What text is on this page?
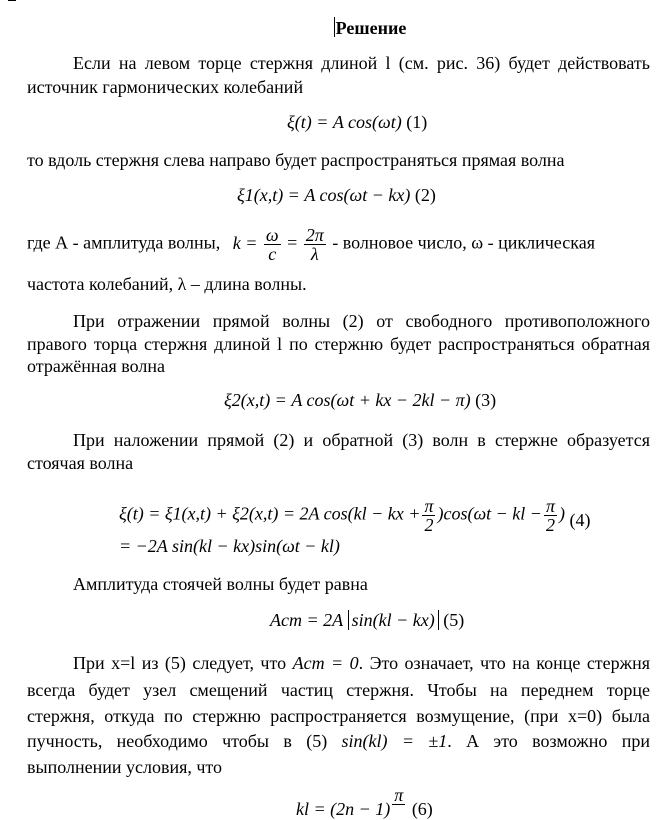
Решение
Если на левом торце стержня длиной l (см. рис. 36) будет действовать
источник гармонических колебаний
ξ(t) = A cos(ωt) (1)
то вдоль стержня слева направо будет распространяться прямая волна
ξ1(x,t) = A cos(ωt − kx) (2)
где А - амплитуда волны, $k = \frac{\omega}{c} = \frac{2\pi}{\lambda}$ - волновое число, ω - циклическая
частота колебаний, λ – длина волны.
При отражении прямой волны (2) от свободного противоположного
правого торца стержня длиной l по стержню будет распространяться обратная
отражённая волна
ξ2(x,t) = A cos(ωt + kx − 2kl − π) (3)
При наложении прямой (2) и обратной (3) волн в стержне образуется
стоячая волна
ξ(t) = ξ1(x,t) + ξ2(x,t) = 2A cos(kl − kx + $\frac{\pi}{2} )\cos(\omega t$ − kl − $\frac{\pi}{2}$ ) (4)
= −2A sin(kl − kx)sin(ωt − kl)
Амплитуда стоячей волны будет равна
Aст = 2A sin(kl − kx) (5)
При x=l из (5) следует, что Aст = 0. Это означает, что на конце стержня
всегда будет узел смещений частиц стержня. Чтобы на переднем торце
стержня, откуда по стержню распространяется возмущение, (при x=0) была
пучность, необходимо чтобы в (5) sin(kl) = ±1. А это возможно при
выполнении условия, что
kl = (2n − 1)
π
(6)
